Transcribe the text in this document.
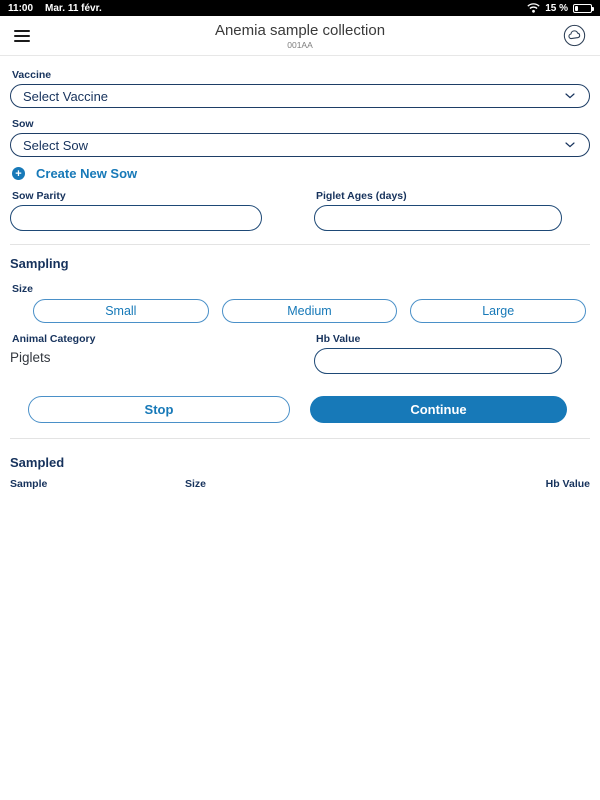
11:00 Mar. 11 févr.	15 %
Anemia sample collection
001AA
Vaccine
Select Vaccine
Sow
Select Sow
+ Create New Sow
Sow Parity	Piglet Ages (days)
Sampling
Size
Small	Medium	Large
Animal Category
Piglets
Hb Value
Stop	Continue
Sampled
Sample	Size	Hb Value
